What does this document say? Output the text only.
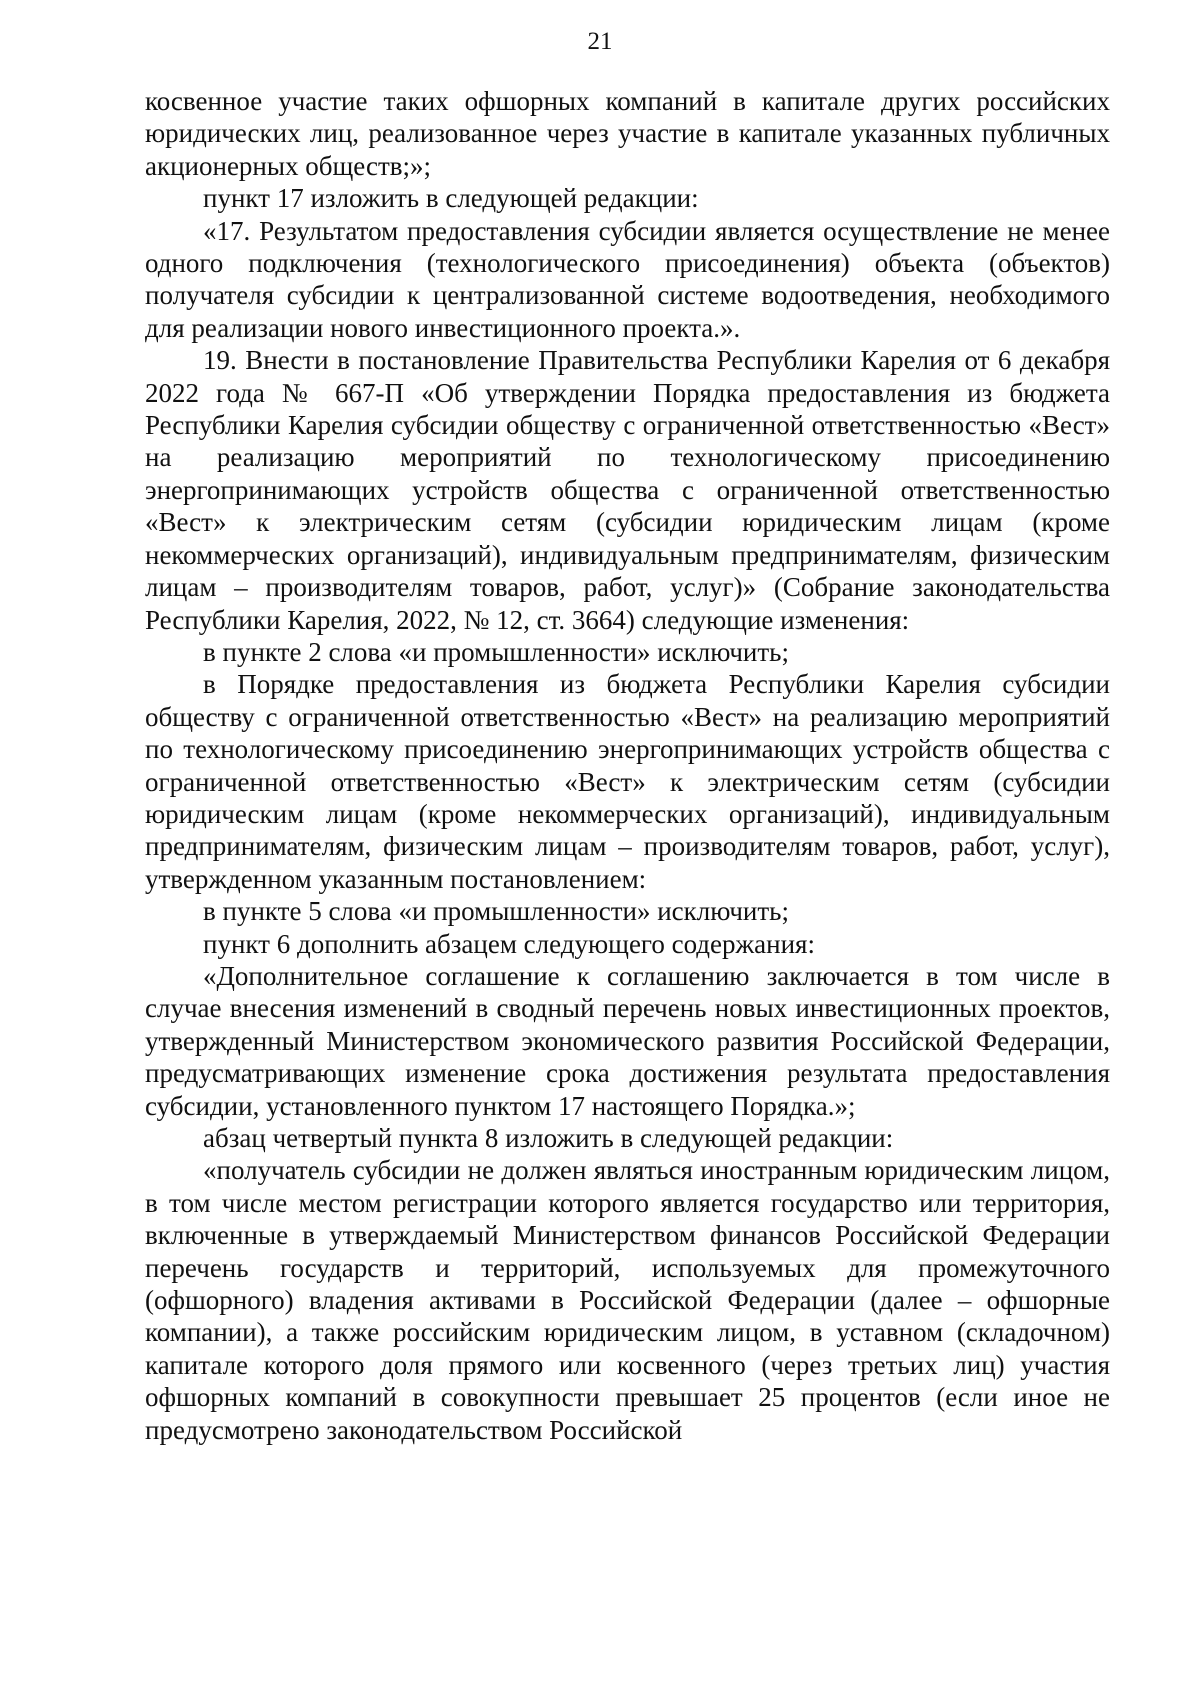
21

косвенное участие таких офшорных компаний в капитале других российских юридических лиц, реализованное через участие в капитале указанных публичных акционерных обществ;»;

пункт 17 изложить в следующей редакции:

«17. Результатом предоставления субсидии является осуществление не менее одного подключения (технологического присоединения) объекта (объектов) получателя субсидии к централизованной системе водоотведения, необходимого для реализации нового инвестиционного проекта.».

19. Внести в постановление Правительства Республики Карелия от 6 декабря 2022 года № 667-П «Об утверждении Порядка предоставления из бюджета Республики Карелия субсидии обществу с ограниченной ответственностью «Вест» на реализацию мероприятий по технологическому присоединению энергопринимающих устройств общества с ограниченной ответственностью «Вест» к электрическим сетям (субсидии юридическим лицам (кроме некоммерческих организаций), индивидуальным предпринимателям, физическим лицам – производителям товаров, работ, услуг)» (Собрание законодательства Республики Карелия, 2022, № 12, ст. 3664) следующие изменения:

в пункте 2 слова «и промышленности» исключить;

в Порядке предоставления из бюджета Республики Карелия субсидии обществу с ограниченной ответственностью «Вест» на реализацию мероприятий по технологическому присоединению энергопринимающих устройств общества с ограниченной ответственностью «Вест» к электрическим сетям (субсидии юридическим лицам (кроме некоммерческих организаций), индивидуальным предпринимателям, физическим лицам – производителям товаров, работ, услуг), утвержденном указанным постановлением:

в пункте 5 слова «и промышленности» исключить;

пункт 6 дополнить абзацем следующего содержания:

«Дополнительное соглашение к соглашению заключается в том числе в случае внесения изменений в сводный перечень новых инвестиционных проектов, утвержденный Министерством экономического развития Российской Федерации, предусматривающих изменение срока достижения результата предоставления субсидии, установленного пунктом 17 настоящего Порядка.»;

абзац четвертый пункта 8 изложить в следующей редакции:

«получатель субсидии не должен являться иностранным юридическим лицом, в том числе местом регистрации которого является государство или территория, включенные в утверждаемый Министерством финансов Российской Федерации перечень государств и территорий, используемых для промежуточного (офшорного) владения активами в Российской Федерации (далее – офшорные компании), а также российским юридическим лицом, в уставном (складочном) капитале которого доля прямого или косвенного (через третьих лиц) участия офшорных компаний в совокупности превышает 25 процентов (если иное не предусмотрено законодательством Российской
